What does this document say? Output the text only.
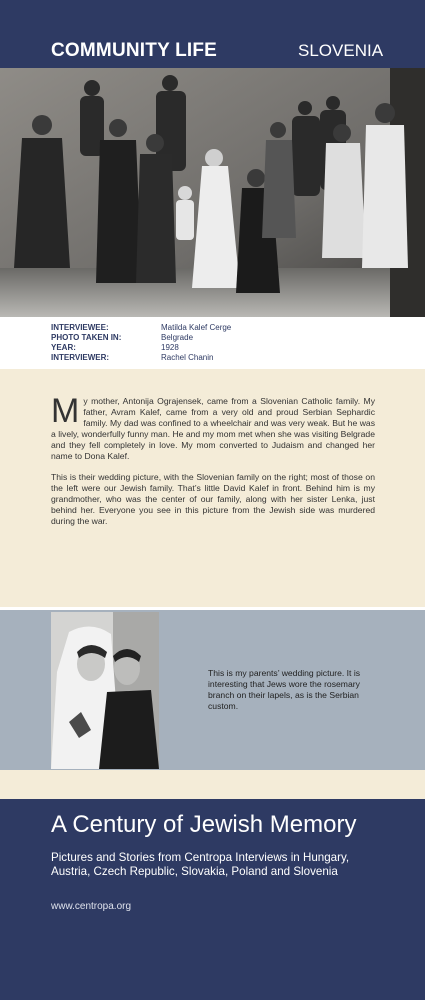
COMMUNITY LIFE	SLOVENIA
INTERVIEWEE:	Matilda Kalef Cerge
PHOTO TAKEN IN:	Belgrade
YEAR:	1928
INTERVIEWER:	Rachel Chanin

My mother, Antonija Ograjensek, came from a Slovenian Catholic family. My father, Avram Kalef, came from a very old and proud Serbian Sephardic family. My dad was confined to a wheelchair and was very weak. But he was a lively, wonderfully funny man. He and my mom met when she was visiting Belgrade and they fell completely in love. My mom converted to Judaism and changed her name to Dona Kalef.

This is their wedding picture, with the Slovenian family on the right; most of those on the left were our Jewish family. That’s little David Kalef in front. Behind him is my grandmother, who was the center of our family, along with her sister Lenka, just behind her. Everyone you see in this picture from the Jewish side was murdered during the war.

This is my parents’ wedding picture. It is interesting that Jews wore the rosemary branch on their lapels, as is the Serbian custom.
A Century of Jewish Memory
Pictures and Stories from Centropa Interviews in Hungary, Austria, Czech Republic, Slovakia, Poland and Slovenia
www.centropa.org
